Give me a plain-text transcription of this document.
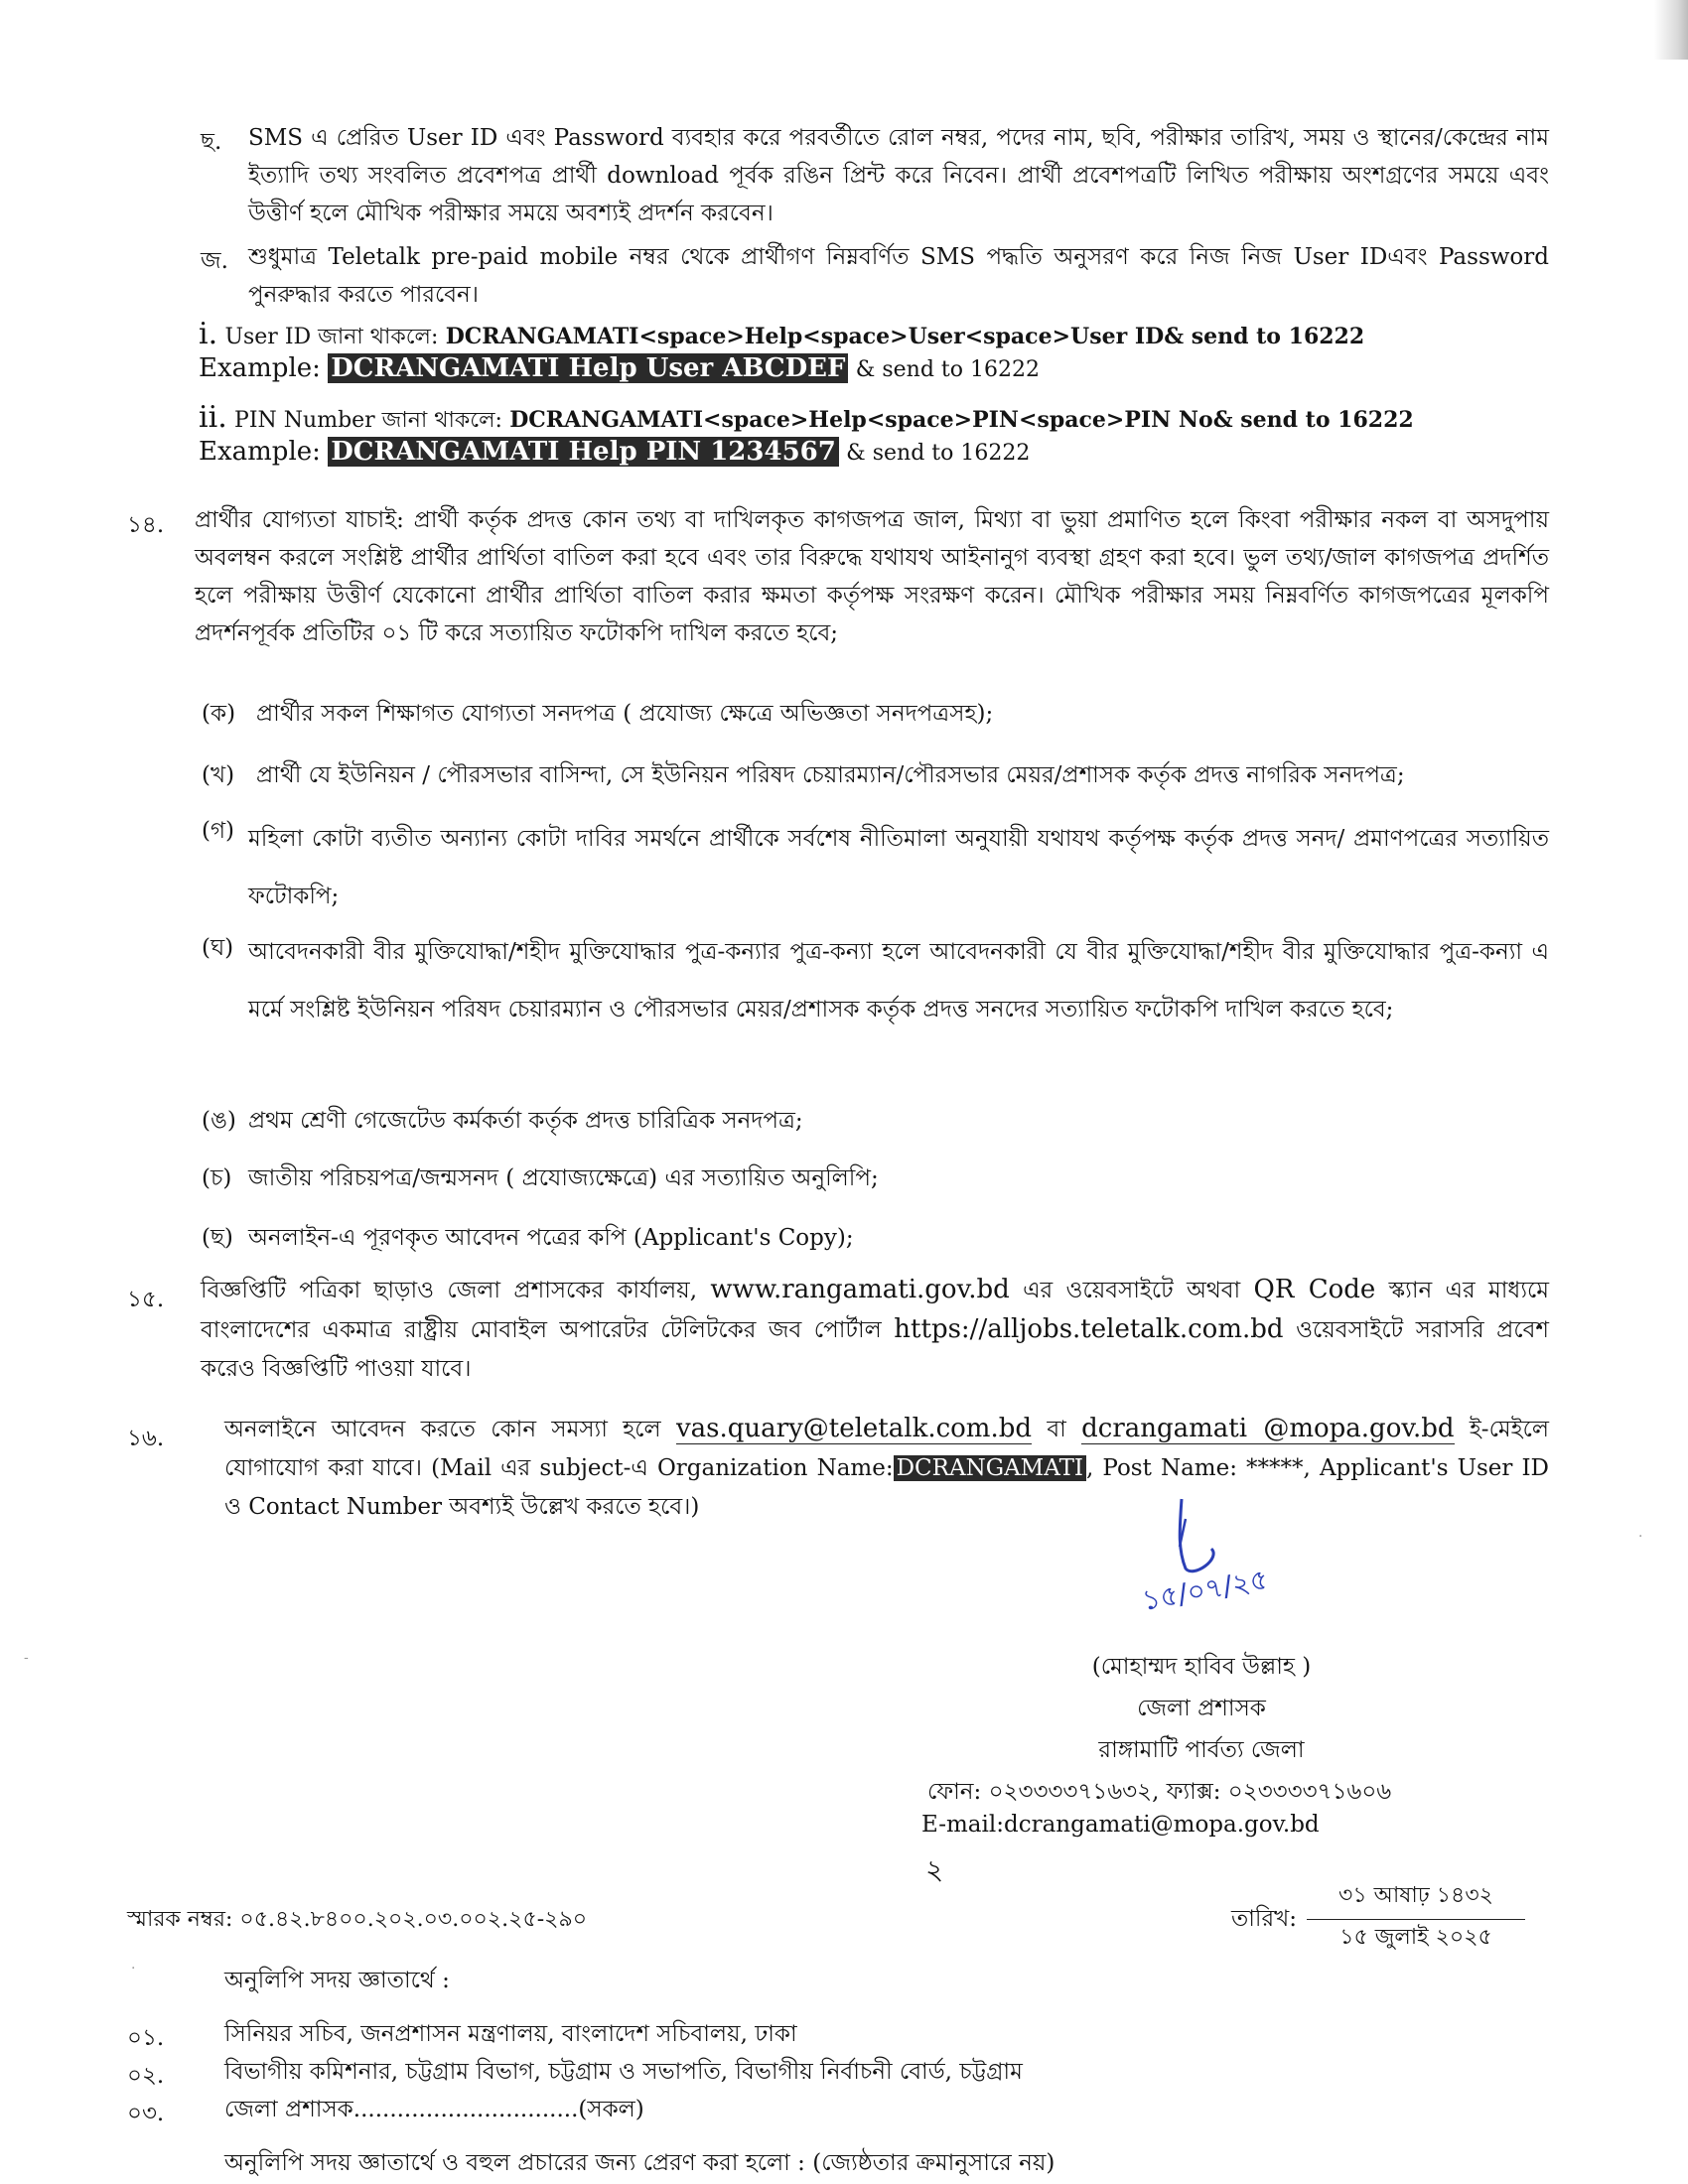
ছ. SMS এ প্রেরিত User ID এবং Password ব্যবহার করে পরবর্তীতে রোল নম্বর, পদের নাম, ছবি, পরীক্ষার তারিখ, সময় ও স্থানের/কেন্দ্রের নাম ইত্যাদি তথ্য সংবলিত প্রবেশপত্র প্রার্থী download পূর্বক রঙিন প্রিন্ট করে নিবেন। প্রার্থী প্রবেশপত্রটি লিখিত পরীক্ষায় অংশগ্রণের সময়ে এবং উত্তীর্ণ হলে মৌখিক পরীক্ষার সময়ে অবশ্যই প্রদর্শন করবেন।
জ. শুধুমাত্র Teletalk pre-paid mobile নম্বর থেকে প্রার্থীগণ নিম্নবর্ণিত SMS পদ্ধতি অনুসরণ করে নিজ নিজ User IDএবং Password পুনরুদ্ধার করতে পারবেন।
i. User ID জানা থাকলে: DCRANGAMATI<space>Help<space>User<space>User ID& send to 16222
Example: DCRANGAMATI Help User ABCDEF & send to 16222
ii. PIN Number জানা থাকলে: DCRANGAMATI<space>Help<space>PIN<space>PIN No& send to 16222
Example: DCRANGAMATI Help PIN 1234567 & send to 16222
১৪. প্রার্থীর যোগ্যতা যাচাই: প্রার্থী কর্তৃক প্রদত্ত কোন তথ্য বা দাখিলকৃত কাগজপত্র জাল, মিথ্যা বা ভুয়া প্রমাণিত হলে কিংবা পরীক্ষার নকল বা অসদুপায় অবলম্বন করলে সংশ্লিষ্ট প্রার্থীর প্রার্থিতা বাতিল করা হবে এবং তার বিরুদ্ধে যথাযথ আইনানুগ ব্যবস্থা গ্রহণ করা হবে। ভুল তথ্য/জাল কাগজপত্র প্রদর্শিত হলে পরীক্ষায় উত্তীর্ণ যেকোনো প্রার্থীর প্রার্থিতা বাতিল করার ক্ষমতা কর্তৃপক্ষ সংরক্ষণ করেন। মৌখিক পরীক্ষার সময় নিম্নবর্ণিত কাগজপত্রের মূলকপি প্রদর্শনপূর্বক প্রতিটির ০১ টি করে সত্যায়িত ফটোকপি দাখিল করতে হবে;
(ক) প্রার্থীর সকল শিক্ষাগত যোগ্যতা সনদপত্র ( প্রযোজ্য ক্ষেত্রে অভিজ্ঞতা সনদপত্রসহ);
(খ) প্রার্থী যে ইউনিয়ন / পৌরসভার বাসিন্দা, সে ইউনিয়ন পরিষদ চেয়ারম্যান/পৌরসভার মেয়র/প্রশাসক কর্তৃক প্রদত্ত নাগরিক সনদপত্র;
(গ) মহিলা কোটা ব্যতীত অন্যান্য কোটা দাবির সমর্থনে প্রার্থীকে সর্বশেষ নীতিমালা অনুযায়ী যথাযথ কর্তৃপক্ষ কর্তৃক প্রদত্ত সনদ/ প্রমাণপত্রের সত্যায়িত ফটোকপি;
(ঘ) আবেদনকারী বীর মুক্তিযোদ্ধা/শহীদ মুক্তিযোদ্ধার পুত্র-কন্যার পুত্র-কন্যা হলে আবেদনকারী যে বীর মুক্তিযোদ্ধা/শহীদ বীর মুক্তিযোদ্ধার পুত্র-কন্যা এ মর্মে সংশ্লিষ্ট ইউনিয়ন পরিষদ চেয়ারম্যান ও পৌরসভার মেয়র/প্রশাসক কর্তৃক প্রদত্ত সনদের সত্যায়িত ফটোকপি দাখিল করতে হবে;
(ঙ) প্রথম শ্রেণী গেজেটেড কর্মকর্তা কর্তৃক প্রদত্ত চারিত্রিক সনদপত্র;
(চ) জাতীয় পরিচয়পত্র/জন্মসনদ ( প্রযোজ্যক্ষেত্রে) এর সত্যায়িত অনুলিপি;
(ছ) অনলাইন-এ পূরণকৃত আবেদন পত্রের কপি (Applicant's Copy);
১৫. বিজ্ঞপ্তিটি পত্রিকা ছাড়াও জেলা প্রশাসকের কার্যালয়, www.rangamati.gov.bd এর ওয়েবসাইটে অথবা QR Code স্ক্যান এর মাধ্যমে বাংলাদেশের একমাত্র রাষ্ট্রীয় মোবাইল অপারেটর টেলিটকের জব পোর্টাল https://alljobs.teletalk.com.bd ওয়েবসাইটে সরাসরি প্রবেশ করেও বিজ্ঞপ্তিটি পাওয়া যাবে।
১৬.	অনলাইনে আবেদন করতে কোন সমস্যা হলে vas.quary@teletalk.com.bd বা dcrangamati @mopa.gov.bd ই-মেইলে যোগাযোগ করা যাবে। (Mail এর subject-এ Organization Name: DCRANGAMATI , Post Name: *****, Applicant's User ID ও Contact Number অবশ্যই উল্লেখ করতে হবে।)
১৫/০৭/২৫
(মোহাম্মদ হাবিব উল্লাহ )
জেলা প্রশাসক
রাঙ্গামাটি পার্বত্য জেলা
ফোন: ০২৩৩৩৩৭১৬৩২, ফ্যাক্স: ০২৩৩৩৩৭১৬০৬
E-mail:dcrangamati@mopa.gov.bd
২
স্মারক নম্বর: ০৫.৪২.৮৪০০.২০২.০৩.০০২.২৫-২৯০	তারিখ:
৩১ আষাঢ় ১৪৩২
১৫ জুলাই ২০২৫
অনুলিপি সদয় জ্ঞাতার্থে :
০১.	সিনিয়র সচিব, জনপ্রশাসন মন্ত্রণালয়, বাংলাদেশ সচিবালয়, ঢাকা
০২.	বিভাগীয় কমিশনার, চট্টগ্রাম বিভাগ, চট্টগ্রাম ও সভাপতি, বিভাগীয় নির্বাচনী বোর্ড, চট্টগ্রাম
০৩.	জেলা প্রশাসক...............................(সকল)
অনুলিপি সদয় জ্ঞাতার্থে ও বহুল প্রচারের জন্য প্রেরণ করা হলো : (জ্যেষ্ঠতার ক্রমানুসারে নয়)
-
·
·
